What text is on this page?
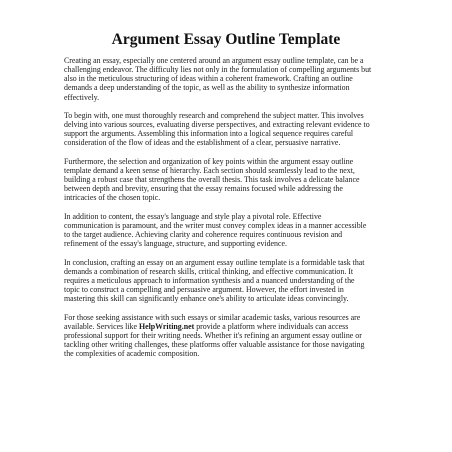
Argument Essay Outline Template

Creating an essay, especially one centered around an argument essay outline template, can be a
challenging endeavor. The difficulty lies not only in the formulation of compelling arguments but
also in the meticulous structuring of ideas within a coherent framework. Crafting an outline
demands a deep understanding of the topic, as well as the ability to synthesize information
effectively.

To begin with, one must thoroughly research and comprehend the subject matter. This involves
delving into various sources, evaluating diverse perspectives, and extracting relevant evidence to
support the arguments. Assembling this information into a logical sequence requires careful
consideration of the flow of ideas and the establishment of a clear, persuasive narrative.

Furthermore, the selection and organization of key points within the argument essay outline
template demand a keen sense of hierarchy. Each section should seamlessly lead to the next,
building a robust case that strengthens the overall thesis. This task involves a delicate balance
between depth and brevity, ensuring that the essay remains focused while addressing the
intricacies of the chosen topic.

In addition to content, the essay's language and style play a pivotal role. Effective
communication is paramount, and the writer must convey complex ideas in a manner accessible
to the target audience. Achieving clarity and coherence requires continuous revision and
refinement of the essay's language, structure, and supporting evidence.

In conclusion, crafting an essay on an argument essay outline template is a formidable task that
demands a combination of research skills, critical thinking, and effective communication. It
requires a meticulous approach to information synthesis and a nuanced understanding of the
topic to construct a compelling and persuasive argument. However, the effort invested in
mastering this skill can significantly enhance one's ability to articulate ideas convincingly.

For those seeking assistance with such essays or similar academic tasks, various resources are
available. Services like HelpWriting.net provide a platform where individuals can access
professional support for their writing needs. Whether it's refining an argument essay outline or
tackling other writing challenges, these platforms offer valuable assistance for those navigating
the complexities of academic composition.
